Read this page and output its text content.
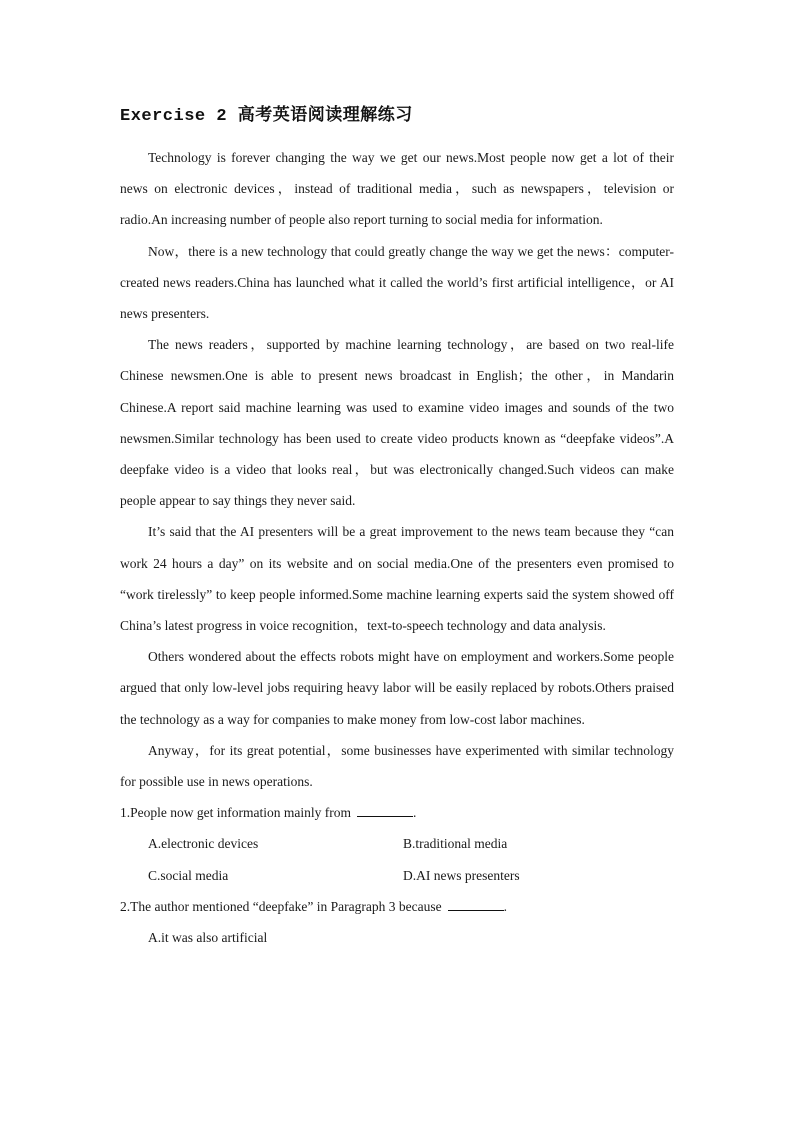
Exercise 2 高考英语阅读理解练习

Technology is forever changing the way we get our news.Most people now get a lot of their news on electronic devices，instead of traditional media，such as newspapers，television or radio.An increasing number of people also report turning to social media for information.

Now，there is a new technology that could greatly change the way we get the news：computer-created news readers.China has launched what it called the world’s first artificial intelligence，or AI news presenters.

The news readers，supported by machine learning technology，are based on two real-life Chinese newsmen.One is able to present news broadcast in English；the other，in Mandarin Chinese.A report said machine learning was used to examine video images and sounds of the two newsmen.Similar technology has been used to create video products known as “deepfake videos”.A deepfake video is a video that looks real，but was electronically changed.Such videos can make people appear to say things they never said.

It’s said that the AI presenters will be a great improvement to the news team because they “can work 24 hours a day” on its website and on social media.One of the presenters even promised to “work tirelessly” to keep people informed.Some machine learning experts said the system showed off China’s latest progress in voice recognition，text-to-speech technology and data analysis.

Others wondered about the effects robots might have on employment and workers.Some people argued that only low-level jobs requiring heavy labor will be easily replaced by robots.Others praised the technology as a way for companies to make money from low-cost labor machines.

Anyway，for its great potential，some businesses have experimented with similar technology for possible use in news operations.

1.People now get information mainly from	.

A.electronic devices	B.traditional media
C.social media	D.AI news presenters

2.The author mentioned “deepfake” in Paragraph 3 because	.

A.it was also artificial
